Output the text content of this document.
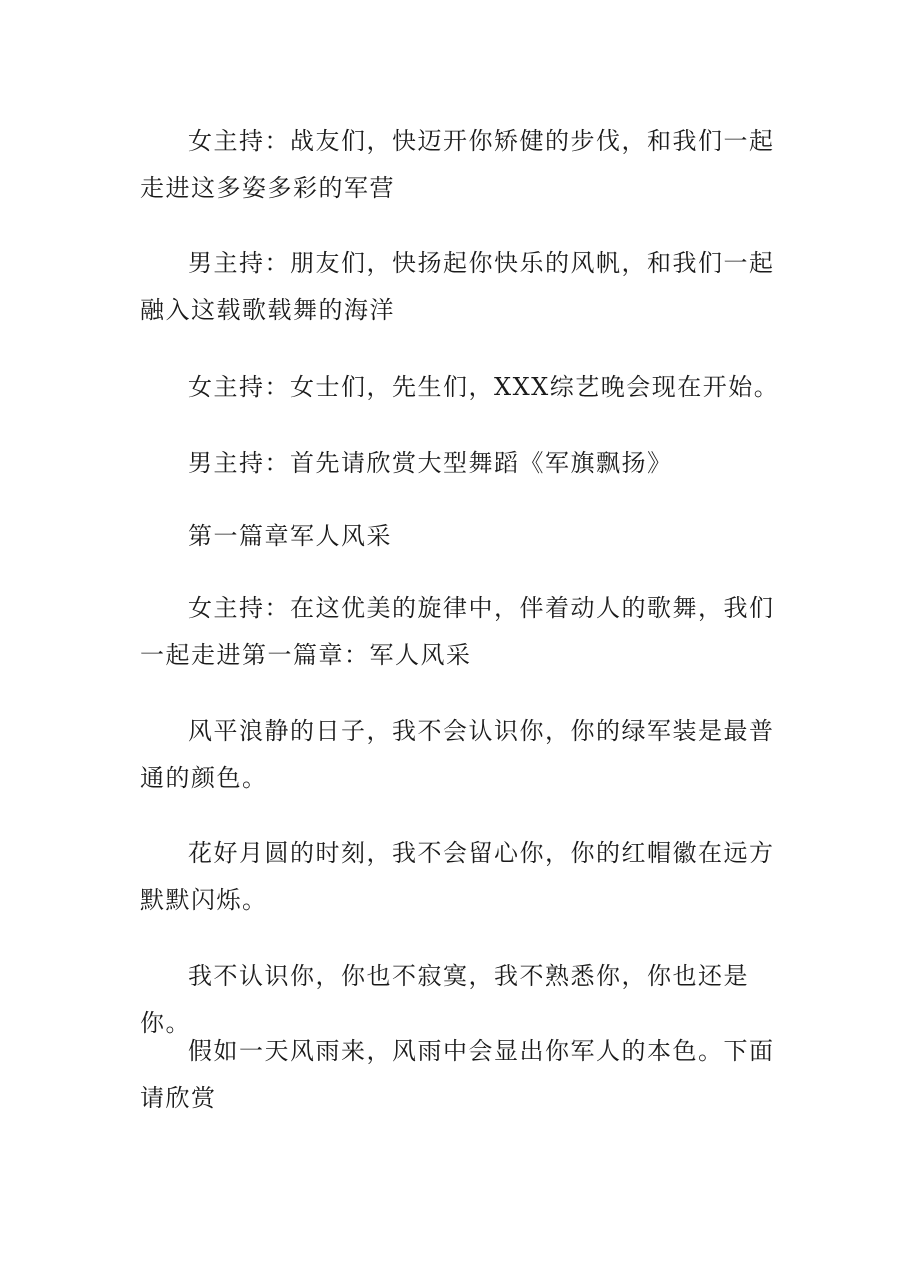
女主持：战友们，快迈开你矫健的步伐，和我们一起走进这多姿多彩的军营

男主持：朋友们，快扬起你快乐的风帆，和我们一起融入这载歌载舞的海洋

女主持：女士们，先生们，XXX综艺晚会现在开始。

男主持：首先请欣赏大型舞蹈《军旗飘扬》

第一篇章军人风采

女主持：在这优美的旋律中，伴着动人的歌舞，我们一起走进第一篇章：军人风采

风平浪静的日子，我不会认识你，你的绿军装是最普通的颜色。

花好月圆的时刻，我不会留心你，你的红帽徽在远方默默闪烁。

我不认识你，你也不寂寞，我不熟悉你，你也还是你。

假如一天风雨来，风雨中会显出你军人的本色。下面请欣赏
